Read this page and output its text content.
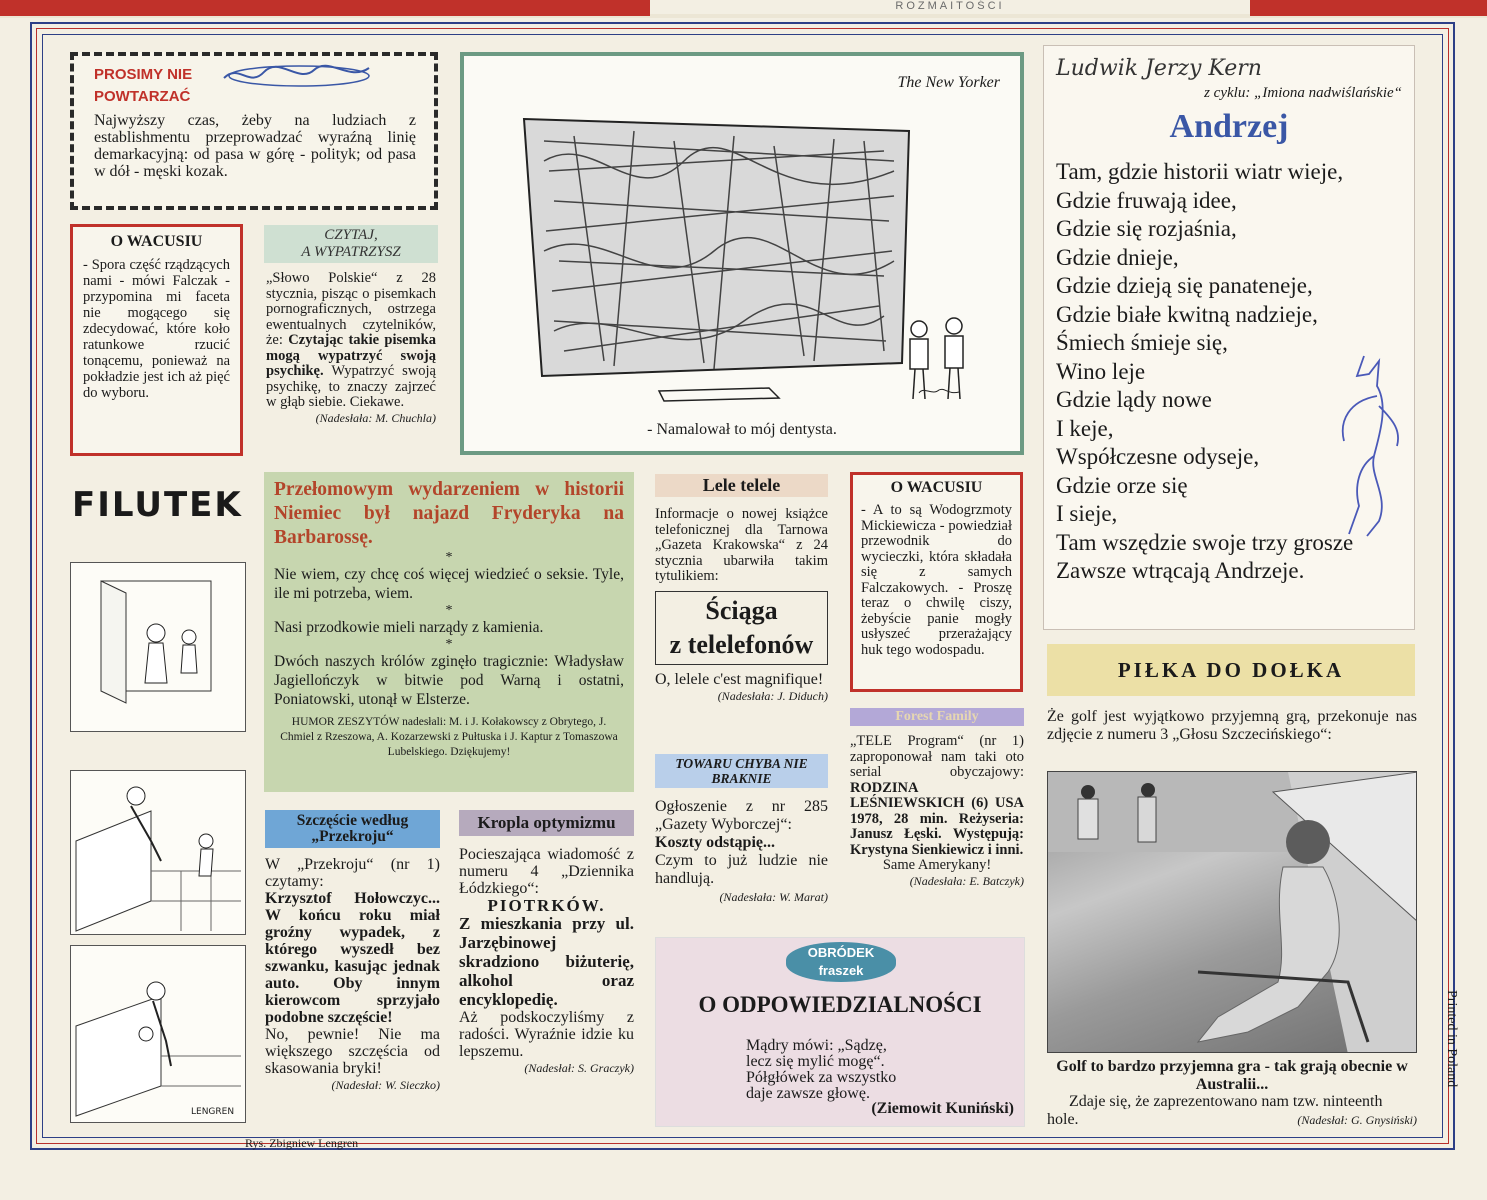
ROZMAITOŚCI
PROSIMY NIE POWTARZAĆ
Najwyższy czas, żeby na ludziach z establishmentu przeprowadzać wyraźną linię demarkacyjną: od pasa w górę - polityk; od pasa w dół - męski kozak.
O WACUSIU
- Spora część rządzących nami - mówi Falczak - przypomina mi faceta nie mogącego się zdecydować, które koło ratunkowe rzucić tonącemu, ponieważ na pokładzie jest ich aż pięć do wyboru.
CZYTAJ,
A WYPATRZYSZ
„Słowo Polskie“ z 28 stycznia, pisząc o pisemkach pornograficznych, ostrzega ewentualnych czytelników, że: Czytając takie pisemka mogą wypatrzyć swoją psychikę. Wypatrzyć swoją psychikę, to znaczy zajrzeć w głąb siebie. Ciekawe.
(Nadesłała: M. Chuchla)
The New Yorker
- Namalował to mój dentysta.
Ludwik Jerzy Kern
z cyklu: „Imiona nadwiślańskie“
Andrzej
Tam, gdzie historii wiatr wieje,
Gdzie fruwają idee,
Gdzie się rozjaśnia,
Gdzie dnieje,
Gdzie dzieją się panateneje,
Gdzie białe kwitną nadzieje,
Śmiech śmieje się,
Wino leje
Gdzie lądy nowe
I keje,
Współczesne odyseje,
Gdzie orze się
I sieje,
Tam wszędzie swoje trzy grosze
Zawsze wtrącają Andrzeje.
FILUTEK
LENGREN
Przełomowym wydarzeniem w historii Niemiec był najazd Fryderyka na Barbarossę.
*
Nie wiem, czy chcę coś więcej wiedzieć o seksie. Tyle, ile mi potrzeba, wiem.
*
Nasi przodkowie mieli narządy z kamienia.
*
Dwóch naszych królów zginęło tragicznie: Władysław Jagiellończyk w bitwie pod Warną i ostatni, Poniatowski, utonął w Elsterze.
HUMOR ZESZYTÓW nadesłali: M. i J. Kołakowscy z Obrytego, J. Chmiel z Rzeszowa, A. Kozarzewski z Pułtuska i J. Kaptur z Tomaszowa Lubelskiego. Dziękujemy!
Lele telele
Informacje o nowej książce telefonicznej dla Tarnowa „Gazeta Krakowska“ z 24 stycznia ubarwiła takim tytulikiem:
Ściąga
z telelefonów
O, lelele c'est magnifique!
(Nadesłała: J. Diduch)
O WACUSIU
- A to są Wodogrzmoty Mickiewicza - powiedział przewodnik do wycieczki, która składała się z samych Falczakowych. - Proszę teraz o chwilę ciszy, żebyście panie mogły usłyszeć przerażający huk tego wodospadu.
Forest Family
„TELE Program“ (nr 1) zaproponował nam taki oto serial obyczajowy: RODZINA LEŚNIEWSKICH (6) USA 1978, 28 min. Reżyseria: Janusz Łęski. Występują: Krystyna Sienkiewicz i inni.
Same Amerykany!
(Nadesłała: E. Batczyk)
TOWARU CHYBA NIE BRAKNIE
Ogłoszenie z nr 285 „Gazety Wyborczej“:
Koszty odstąpię...
Czym to już ludzie nie handlują.
(Nadesłała: W. Marat)
PIŁKA DO DOŁKA
Że golf jest wyjątkowo przyjemną grą, przekonuje nas zdjęcie z numeru 3 „Głosu Szczecińskiego“:
Golf to bardzo przyjemna gra - tak grają obecnie w Australii...
Zdaje się, że zaprezentowano nam tzw. ninteenth hole.	(Nadesłał: G. Gnysiński)
Szczęście według „Przekroju“
W „Przekroju“ (nr 1) czytamy:
Krzysztof Hołowczyc... W końcu roku miał groźny wypadek, z którego wyszedł bez szwanku, kasując jednak auto. Oby innym kierowcom sprzyjało podobne szczęście!
No, pewnie! Nie ma większego szczęścia od skasowania bryki!
(Nadesłał: W. Sieczko)
Kropla optymizmu
Pocieszająca wiadomość z numeru 4 „Dziennika Łódzkiego“:
PIOTRKÓW.
Z mieszkania przy ul. Jarzębinowej skradziono biżuterię, alkohol oraz encyklopedię.
Aż podskoczyliśmy z radości. Wyraźnie idzie ku lepszemu.
(Nadesłał: S. Graczyk)
OBRÓDEK
fraszek
O ODPOWIEDZIALNOŚCI
Mądry mówi: „Sądzę,
lecz się mylić mogę“.
Półgłówek za wszystko
daje zawsze głowę.
(Ziemowit Kuniński)
Rys. Zbigniew Lengren
Printed in Poland
